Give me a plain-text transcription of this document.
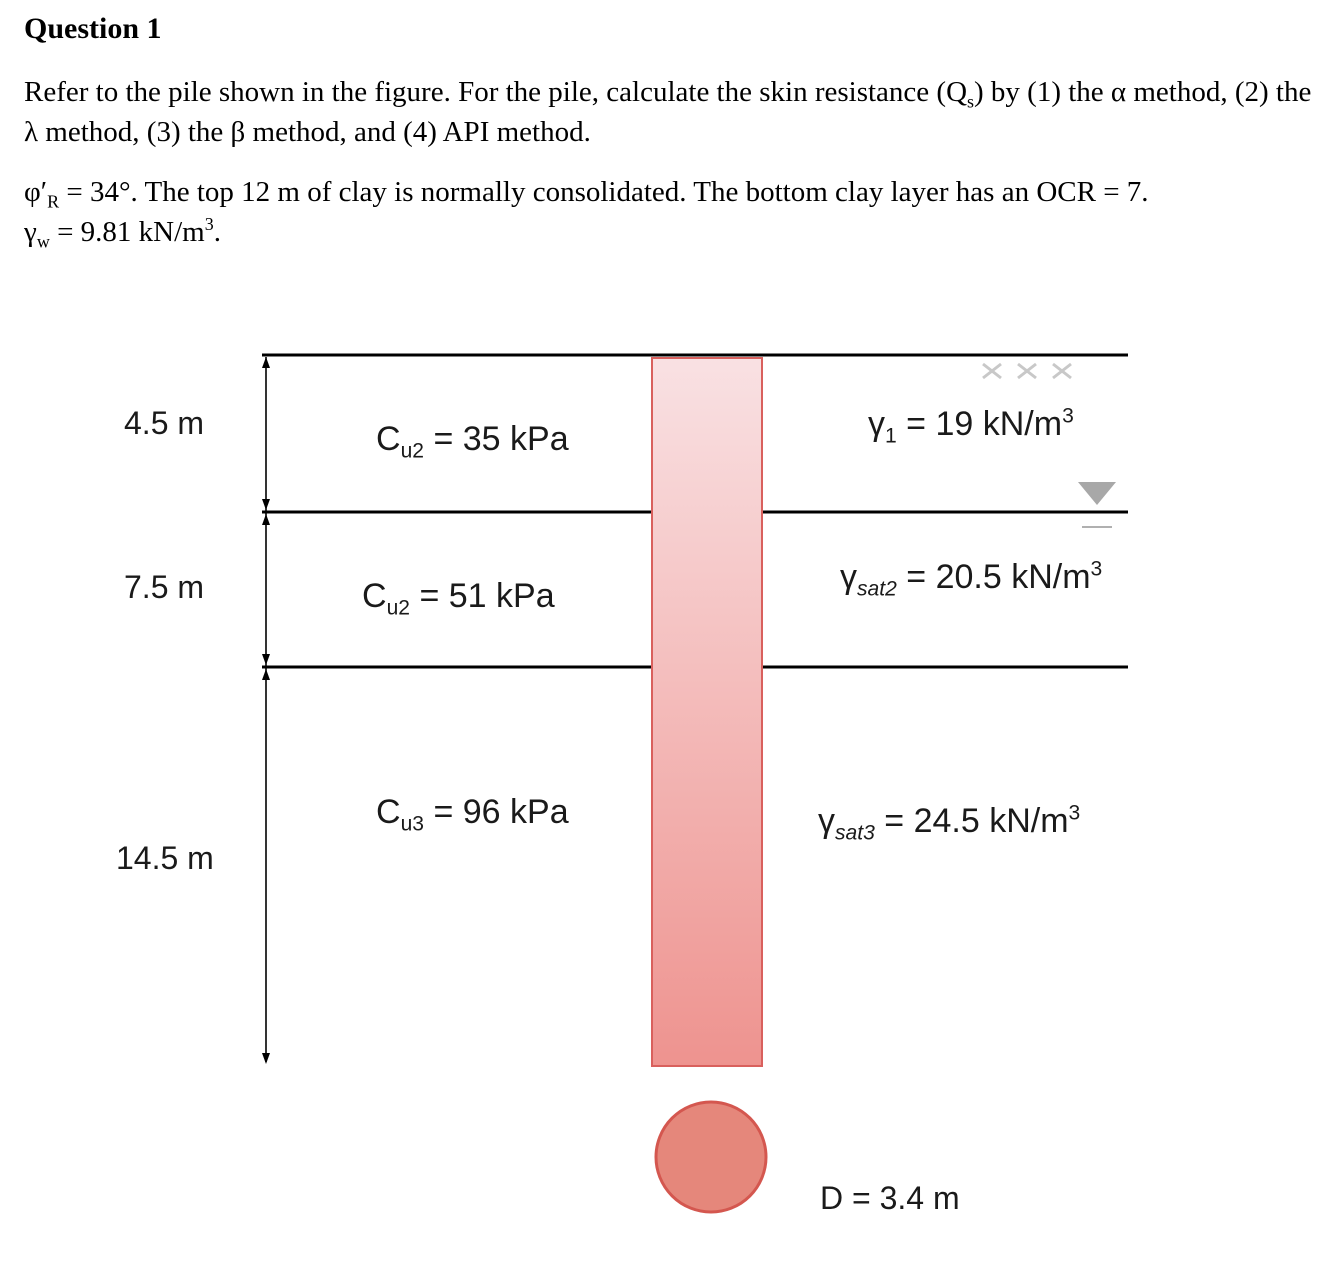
Question 1

Refer to the pile shown in the figure. For the pile, calculate the skin resistance $(Q_s)$ by (1) the α method, (2) the λ method, (3) the β method, and (4) API method.

$\varphi'_R = 34^\circ$. The top 12 m of clay is normally consolidated. The bottom clay layer has an OCR = 7.
$\gamma_w = 9.81$ $kN/m^3$.

4.5 m
7.5 m
14.5 m
$C_{u2} = 35$ kPa
$C_{u2} = 51$ kPa
$C_{u3} = 96$ kPa
$\gamma_1 = 19$ $kN/m^3$
$\gamma_{sat2} = 20.5$ $kN/m^3$
$\gamma_{sat3} = 24.5$ $kN/m^3$
D = 3.4 m
